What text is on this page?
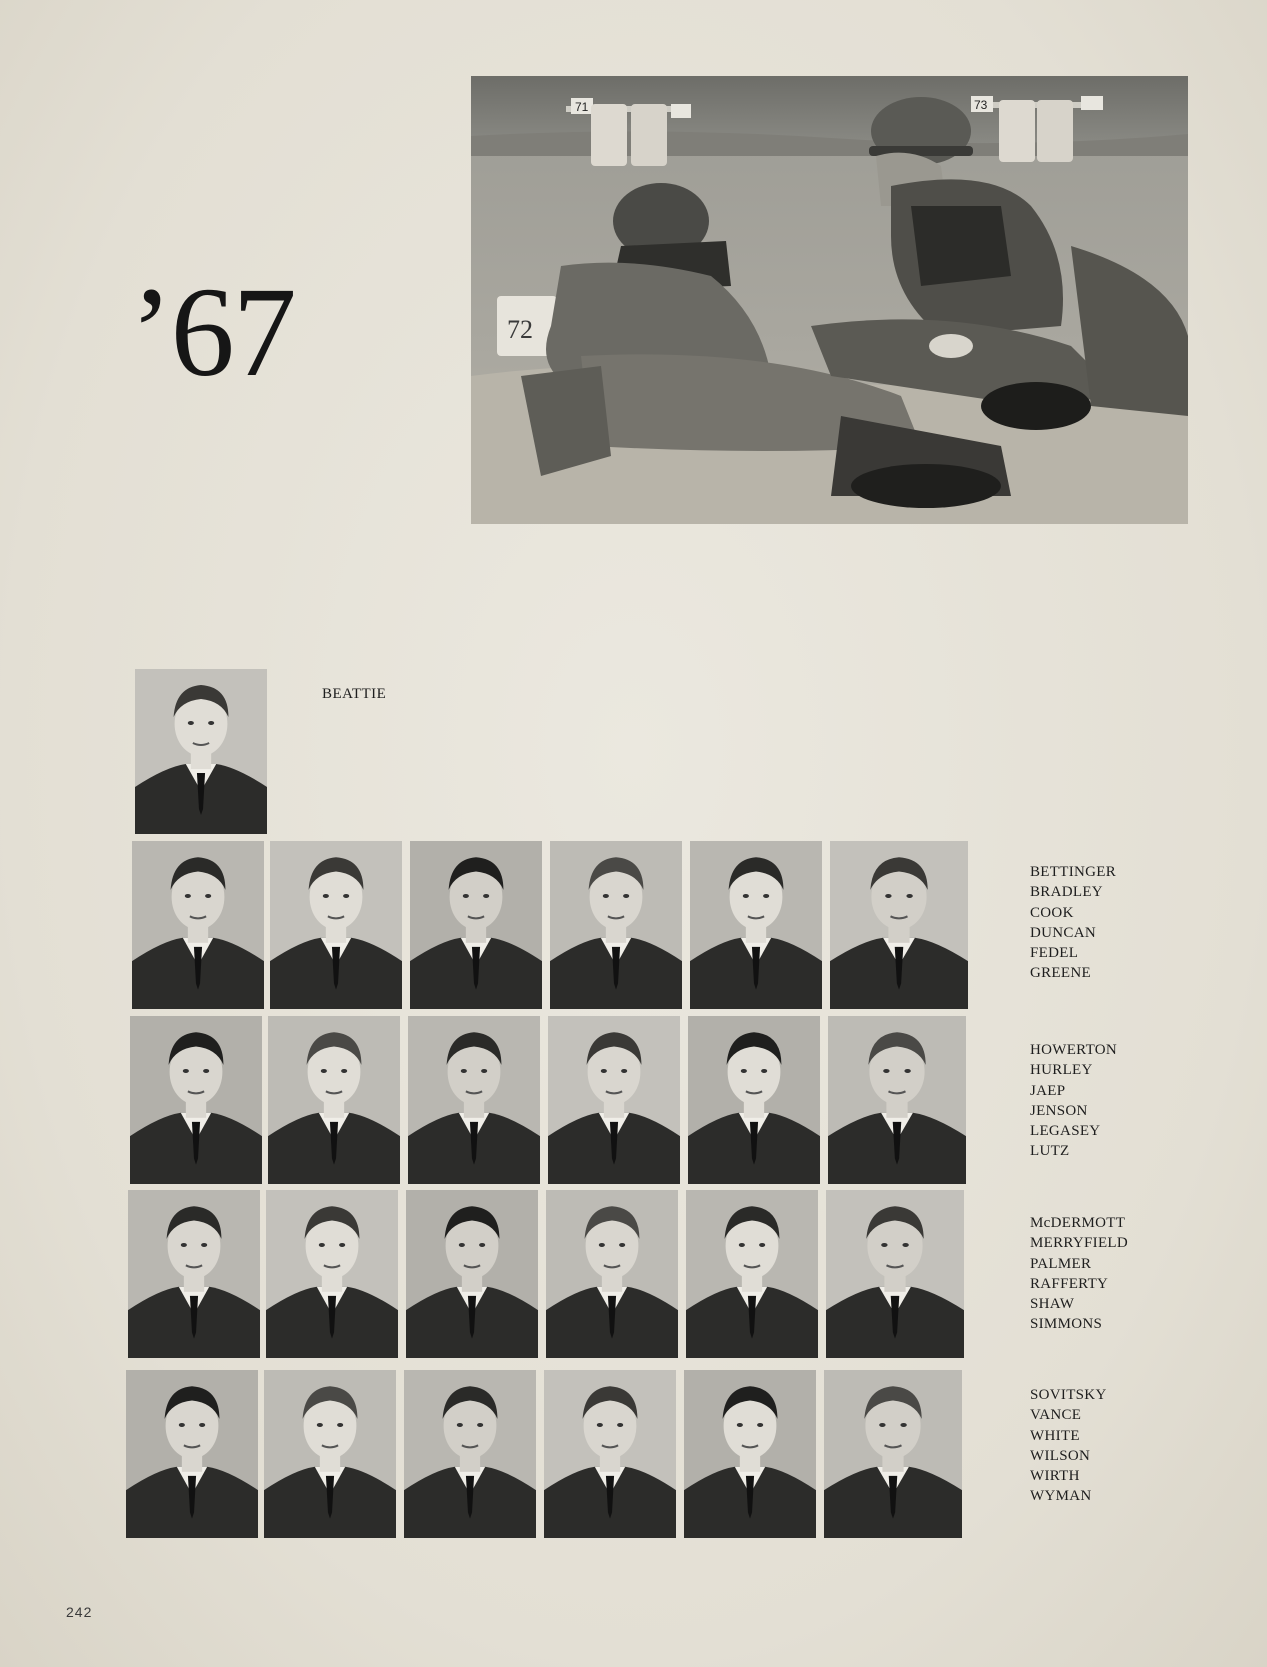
’67
71	73
72
BEATTIE
BETTINGER
BRADLEY
COOK
DUNCAN
FEDEL
GREENE
HOWERTON
HURLEY
JAEP
JENSON
LEGASEY
LUTZ
McDERMOTT
MERRYFIELD
PALMER
RAFFERTY
SHAW
SIMMONS
SOVITSKY
VANCE
WHITE
WILSON
WIRTH
WYMAN
242
